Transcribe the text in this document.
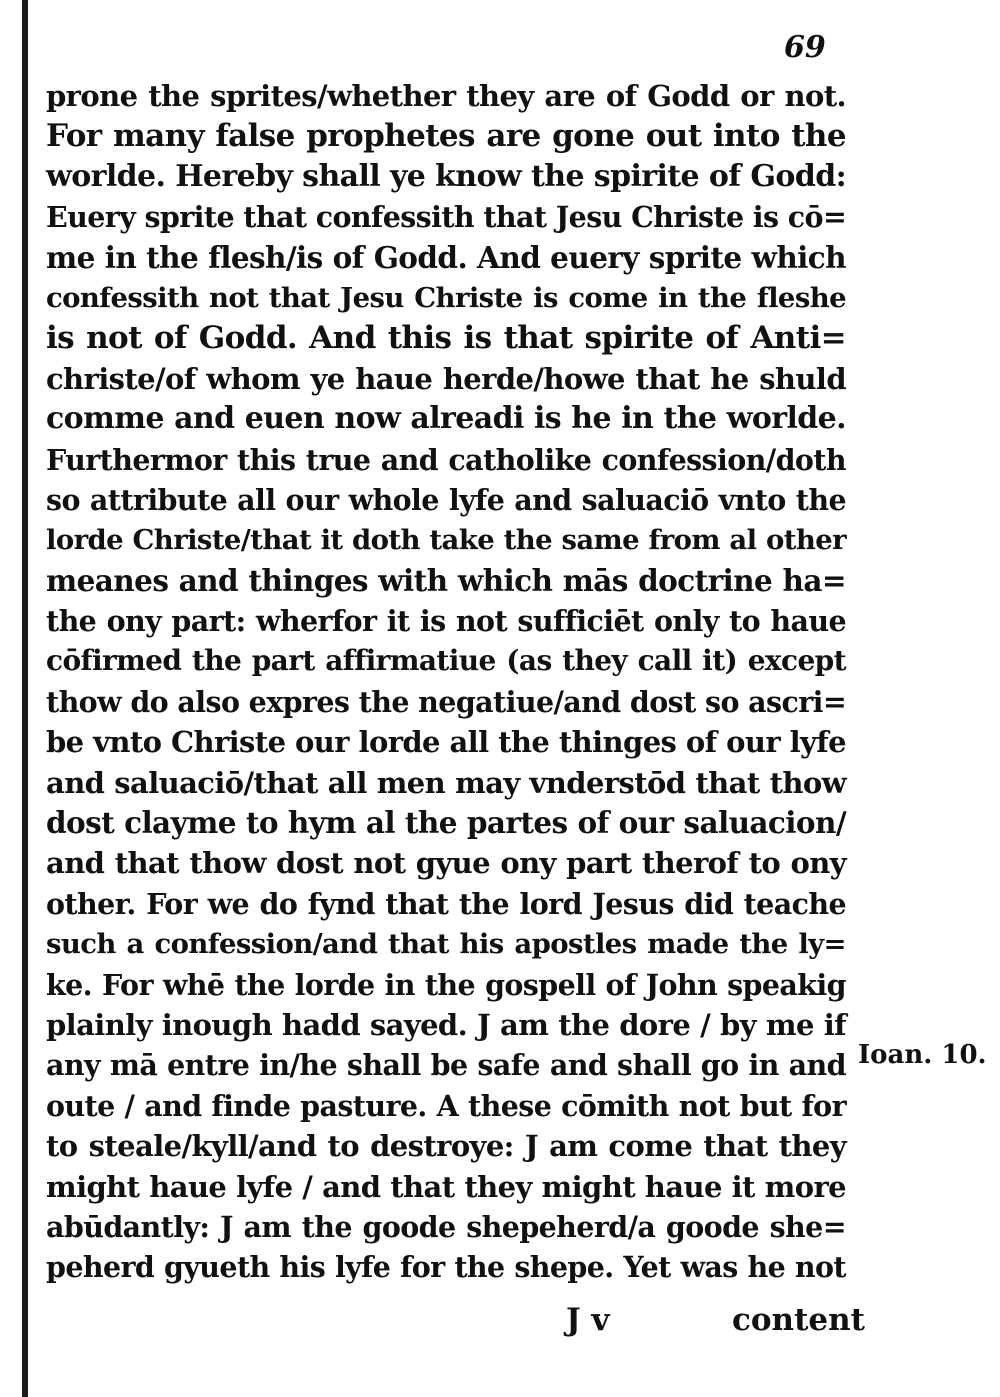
69
prone the sprites/whether they are of Godd or not.
For many false prophetes are gone out into the
worlde. Hereby shall ye know the spirite of Godd:
Euery sprite that confessith that Jesu Christe is cō=
me in the flesh/is of Godd. And euery sprite which
confessith not that Jesu Christe is come in the fleshe
is not of Godd. And this is that spirite of Anti=
christe/of whom ye haue herde/howe that he shuld
comme and euen now alreadi is he in the worlde.
Furthermor this true and catholike confession/doth
so attribute all our whole lyfe and saluaciō vnto the
lorde Christe/that it doth take the same from al other
meanes and thinges with which mās doctrine ha=
the ony part: wherfor it is not sufficiēt only to haue
cōfirmed the part affirmatiue (as they call it) except
thow do also expres the negatiue/and dost so ascri=
be vnto Christe our lorde all the thinges of our lyfe
and saluaciō/that all men may vnderstōd that thow
dost clayme to hym al the partes of our saluacion/
and that thow dost not gyue ony part therof to ony
other. For we do fynd that the lord Jesus did teache
such a confession/and that his apostles made the ly=
ke. For whē the lorde in the gospell of John speakig
plainly inough hadd sayed. J am the dore / by me if
any mā entre in/he shall be safe and shall go in and
oute / and finde pasture. A these cōmith not but for
to steale/kyll/and to destroye: J am come that they
might haue lyfe / and that they might haue it more
abūdantly: J am the goode shepeherd/a goode she=
peherd gyueth his lyfe for the shepe. Yet was he not
Ioan. 10.
J v	content
